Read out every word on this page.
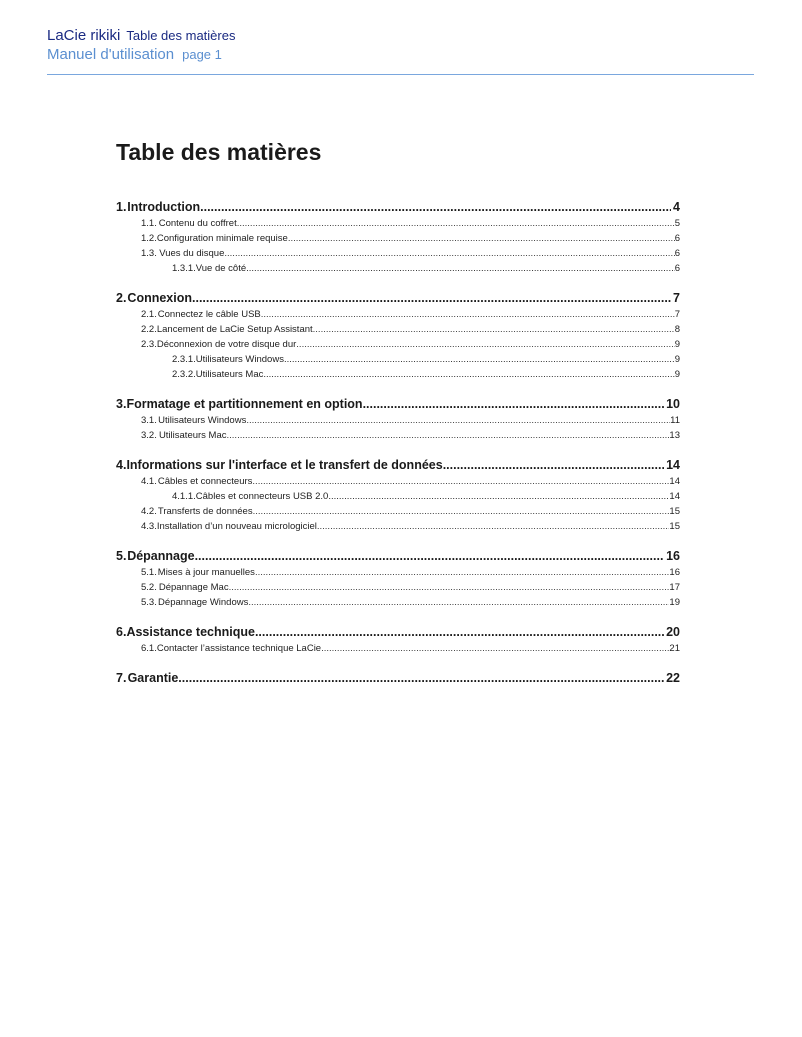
LaCie rikiki Table des matières
Manuel d'utilisation page 1
Table des matières
1. Introduction .....	4
1.1. Contenu du coffret .....	5
1.2. Configuration minimale requise .....	6
1.3. Vues du disque .....	6
1.3.1. Vue de côté .....	6
2. Connexion .....	7
2.1. Connectez le câble USB .....	7
2.2. Lancement de LaCie Setup Assistant .....	8
2.3. Déconnexion de votre disque dur .....	9
2.3.1. Utilisateurs Windows .....	9
2.3.2. Utilisateurs Mac .....	9
3. Formatage et partitionnement en option .....	10
3.1. Utilisateurs Windows .....	11
3.2. Utilisateurs Mac .....	13
4. Informations sur l'interface et le transfert de données .....	14
4.1. Câbles et connecteurs .....	14
4.1.1. Câbles et connecteurs USB 2.0 .....	14
4.2. Transferts de données .....	15
4.3. Installation d’un nouveau micrologiciel .....	15
5. Dépannage .....	16
5.1. Mises à jour manuelles .....	16
5.2. Dépannage Mac .....	17
5.3. Dépannage Windows .....	19
6. Assistance technique .....	20
6.1. Contacter l’assistance technique LaCie .....	21
7. Garantie .....	22
